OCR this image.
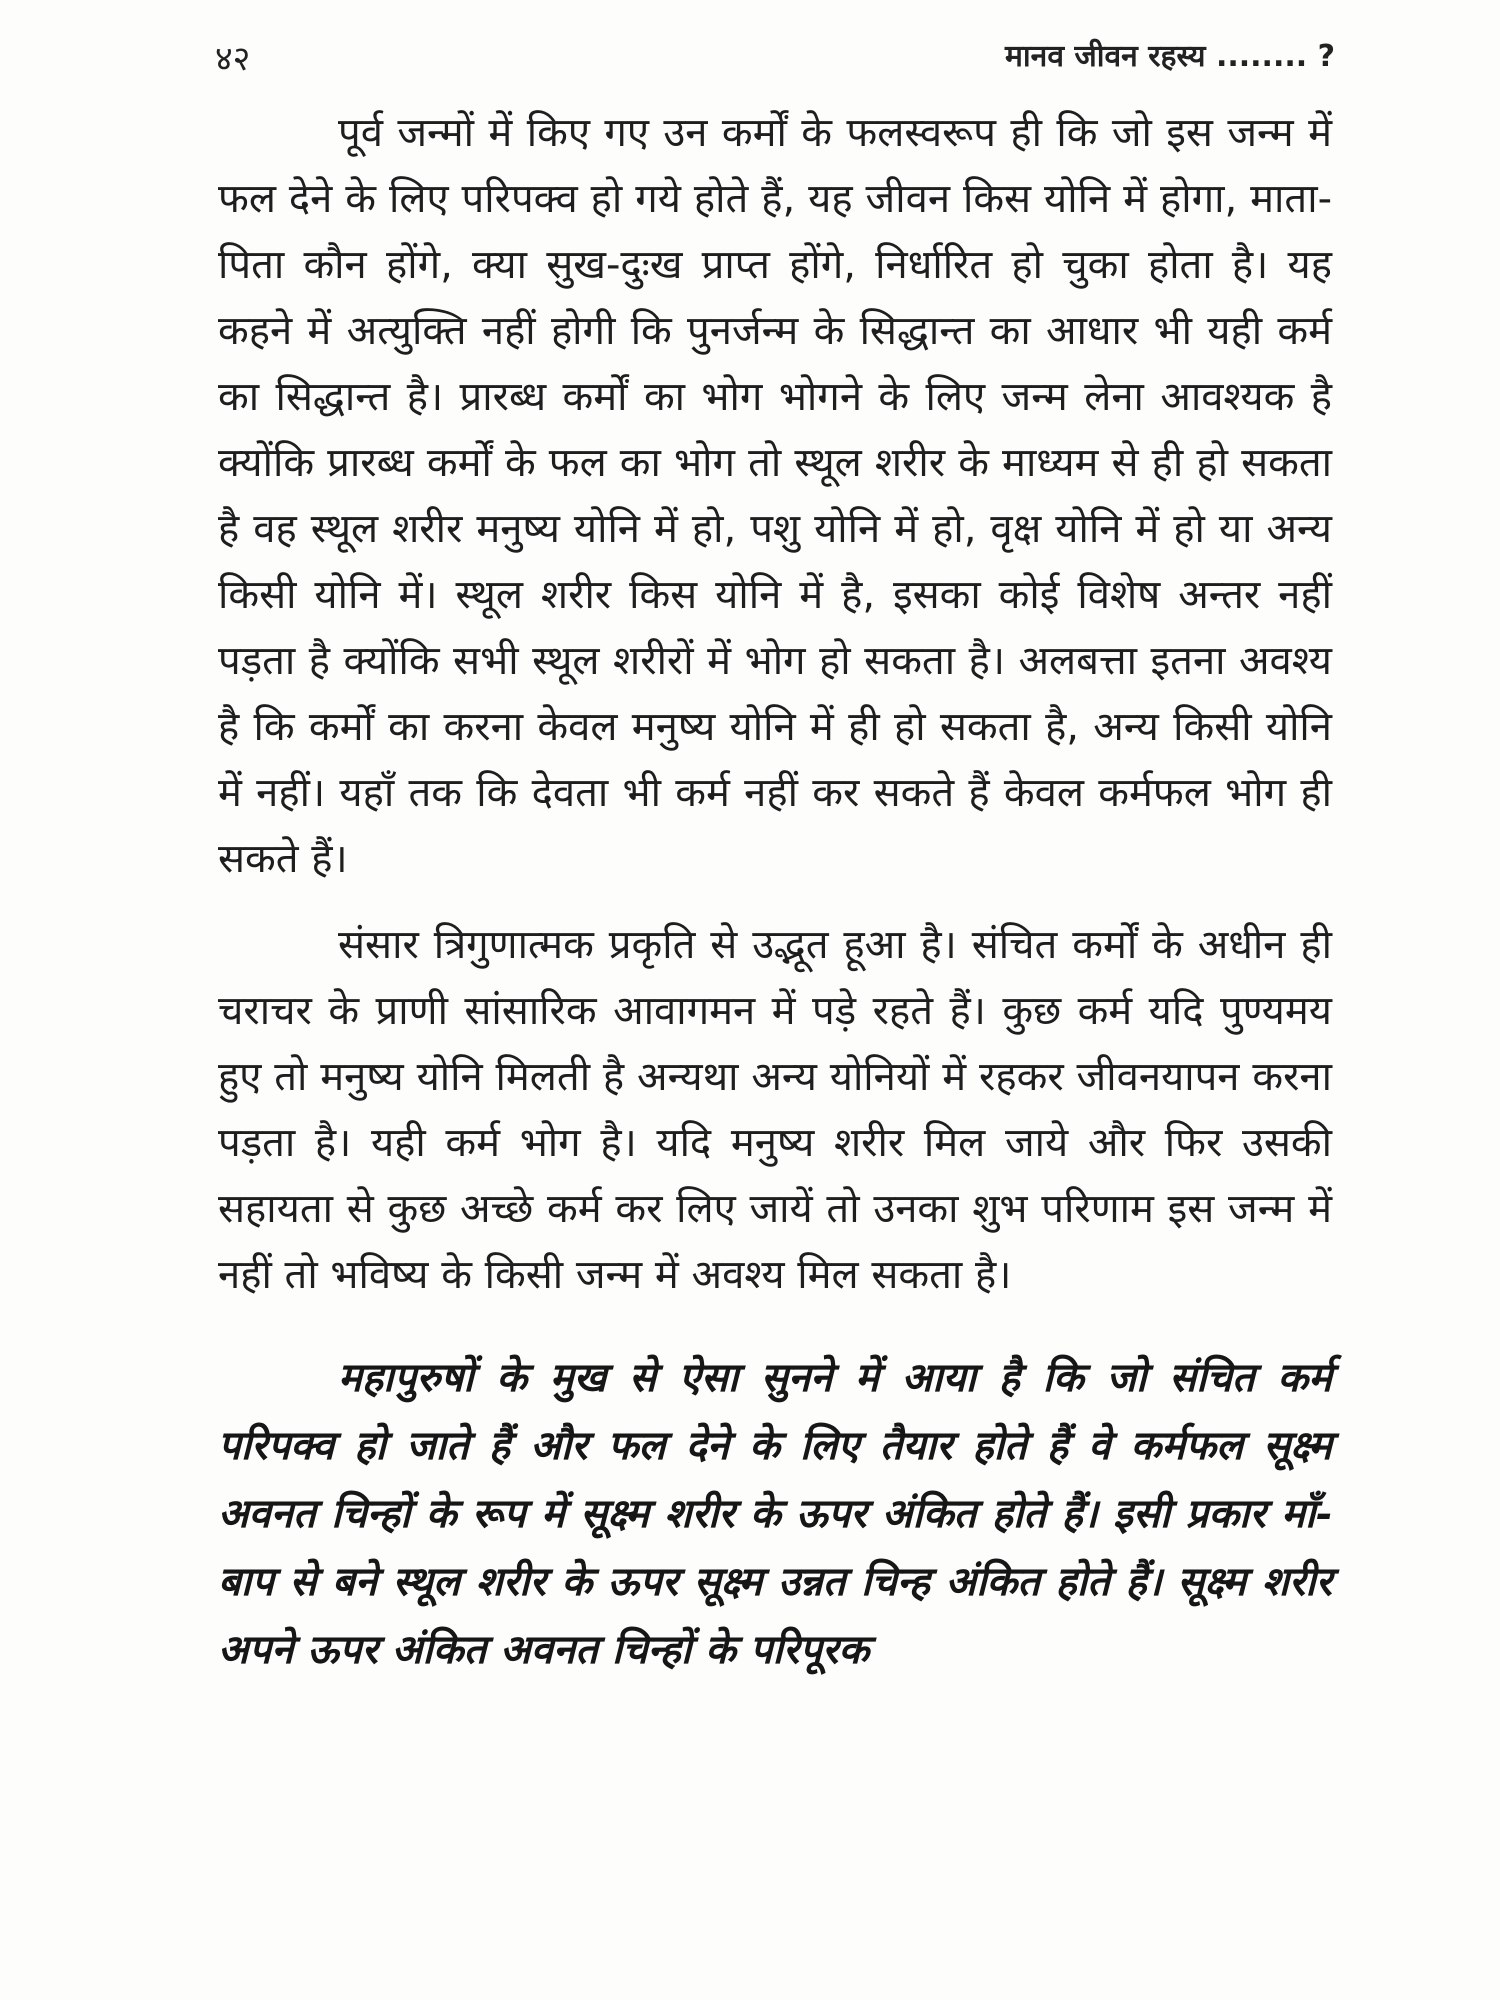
४२	मानव जीवन रहस्य ........ ?

पूर्व जन्मों में किए गए उन कर्मों के फलस्वरूप ही कि जो इस जन्म में फल देने के लिए परिपक्व हो गये होते हैं, यह जीवन किस योनि में होगा, माता-पिता कौन होंगे, क्या सुख-दुःख प्राप्त होंगे, निर्धारित हो चुका होता है। यह कहने में अत्युक्ति नहीं होगी कि पुनर्जन्म के सिद्धान्त का आधार भी यही कर्म का सिद्धान्त है। प्रारब्ध कर्मों का भोग भोगने के लिए जन्म लेना आवश्यक है क्योंकि प्रारब्ध कर्मों के फल का भोग तो स्थूल शरीर के माध्यम से ही हो सकता है वह स्थूल शरीर मनुष्य योनि में हो, पशु योनि में हो, वृक्ष योनि में हो या अन्य किसी योनि में। स्थूल शरीर किस योनि में है, इसका कोई विशेष अन्तर नहीं पड़ता है क्योंकि सभी स्थूल शरीरों में भोग हो सकता है। अलबत्ता इतना अवश्य है कि कर्मों का करना केवल मनुष्य योनि में ही हो सकता है, अन्य किसी योनि में नहीं। यहाँ तक कि देवता भी कर्म नहीं कर सकते हैं केवल कर्मफल भोग ही सकते हैं।

संसार त्रिगुणात्मक प्रकृति से उद्भूत हूआ है। संचित कर्मों के अधीन ही चराचर के प्राणी सांसारिक आवागमन में पड़े रहते हैं। कुछ कर्म यदि पुण्यमय हुए तो मनुष्य योनि मिलती है अन्यथा अन्य योनियों में रहकर जीवनयापन करना पड़ता है। यही कर्म भोग है। यदि मनुष्य शरीर मिल जाये और फिर उसकी सहायता से कुछ अच्छे कर्म कर लिए जायें तो उनका शुभ परिणाम इस जन्म में नहीं तो भविष्य के किसी जन्म में अवश्य मिल सकता है।

महापुरुषों के मुख से ऐसा सुनने में आया है कि जो संचित कर्म परिपक्व हो जाते हैं और फल देने के लिए तैयार होते हैं वे कर्मफल सूक्ष्म अवनत चिन्हों के रूप में सूक्ष्म शरीर के ऊपर अंकित होते हैं। इसी प्रकार माँ-बाप से बने स्थूल शरीर के ऊपर सूक्ष्म उन्नत चिन्ह अंकित होते हैं। सूक्ष्म शरीर अपने ऊपर अंकित अवनत चिन्हों के परिपूरक
